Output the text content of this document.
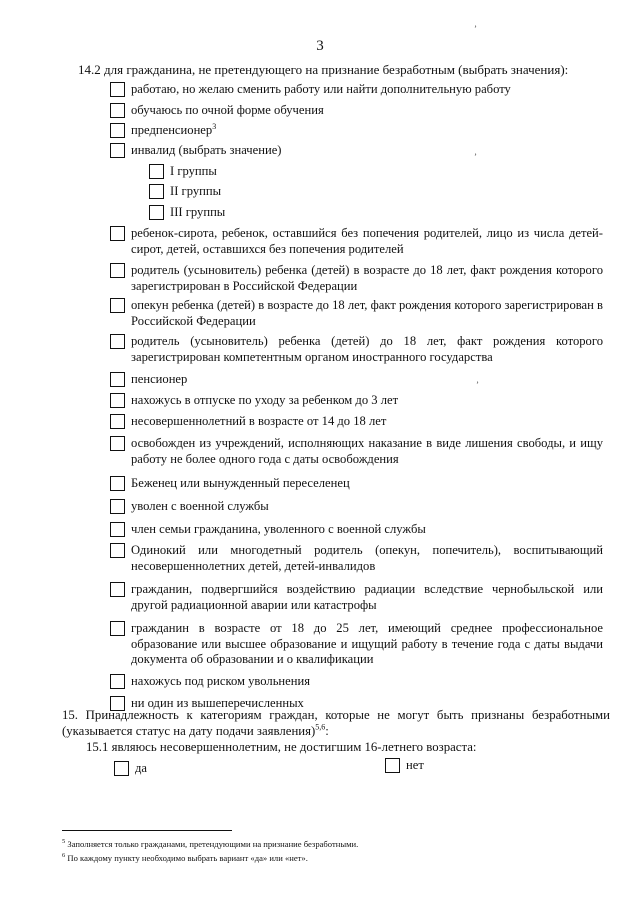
3
14.2 для гражданина, не претендующего на признание безработным (выбрать значения):
работаю, но желаю сменить работу или найти дополнительную работу
обучаюсь по очной форме обучения
предпенсионер$^3$
инвалид (выбрать значение)
I группы
II группы
III группы
ребенок-сирота, ребенок, оставшийся без попечения родителей, лицо из числа детей-сирот, детей, оставшихся без попечения родителей
родитель (усыновитель) ребенка (детей) в возрасте до 18 лет, факт рождения которого зарегистрирован в Российской Федерации
опекун ребенка (детей) в возрасте до 18 лет, факт рождения которого зарегистрирован в Российской Федерации
родитель (усыновитель) ребенка (детей) до 18 лет, факт рождения которого зарегистрирован компетентным органом иностранного государства
пенсионер
нахожусь в отпуске по уходу за ребенком до 3 лет
несовершеннолетний в возрасте от 14 до 18 лет
освобожден из учреждений, исполняющих наказание в виде лишения свободы, и ищу работу не более одного года с даты освобождения
Беженец или вынужденный переселенец
уволен с военной службы
член семьи гражданина, уволенного с военной службы
Одинокий или многодетный родитель (опекун, попечитель), воспитывающий несовершеннолетних детей, детей-инвалидов
гражданин, подвергшийся воздействию радиации вследствие чернобыльской или другой радиационной аварии или катастрофы
гражданин в возрасте от 18 до 25 лет, имеющий среднее профессиональное образование или высшее образование и ищущий работу в течение года с даты выдачи документа об образовании и о квалификации
нахожусь под риском увольнения
ни один из вышеперечисленных
15. Принадлежность к категориям граждан, которые не могут быть признаны безработными (указывается статус на дату подачи заявления)$^{5,6}$:
15.1 являюсь несовершеннолетним, не достигшим 16-летнего возраста:
да	нет
$^5$ Заполняется только гражданами, претендующими на признание безработными.
$^6$ По каждому пункту необходимо выбрать вариант «да» или «нет».
ʼ
ʼ
ʼ
